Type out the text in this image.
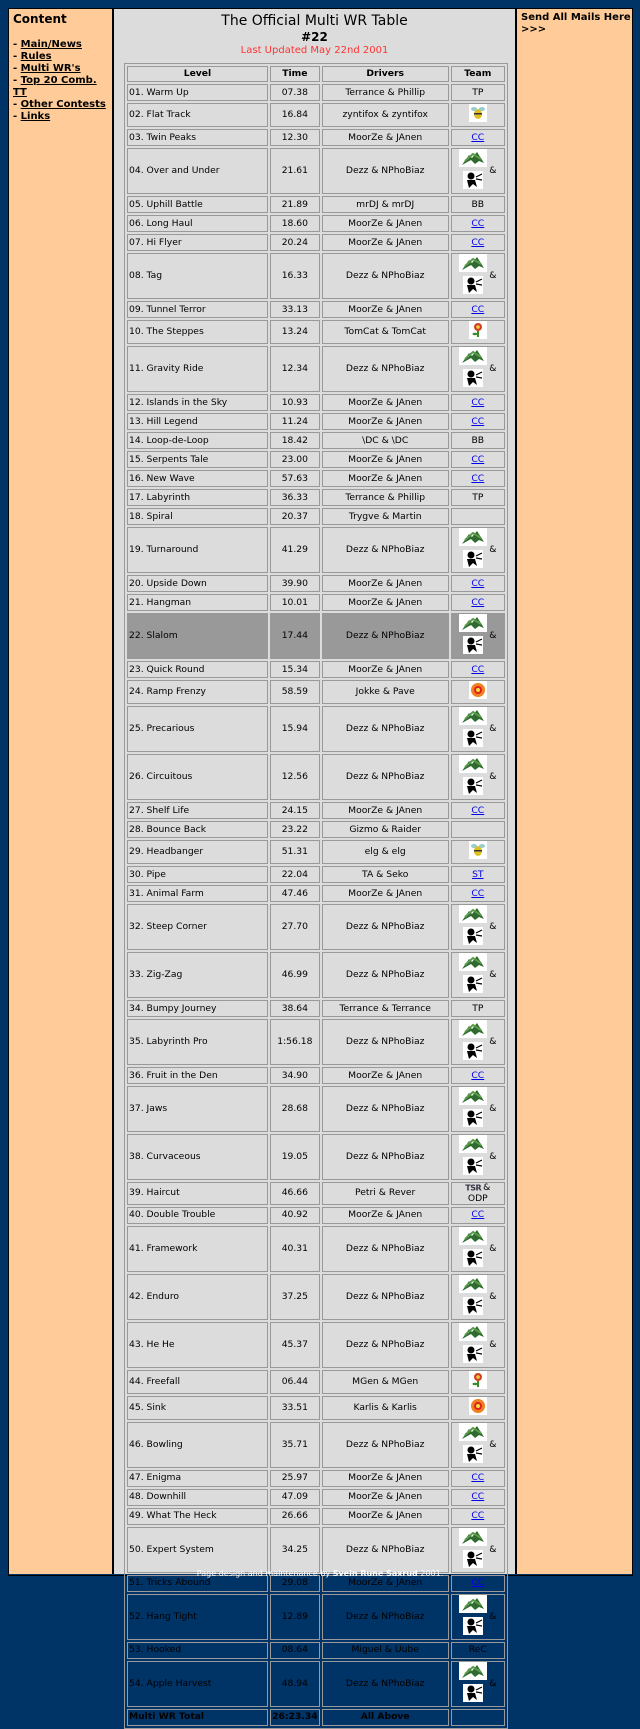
Content
- Main/News
- Rules
- Multi WR's
- Top 20 Comb. TT
- Other Contests
- Links
The Official Multi WR Table
#22
Last Updated May 22nd 2001
Level	Time	Drivers	Team
01. Warm Up	07.38	Terrance & Phillip	TP
02. Flat Track	16.84	zyntifox & zyntifox	
03. Twin Peaks	12.30	MoorZe & JAnen	CC
04. Over and Under	21.61	Dezz & NPhoBiaz	&
05. Uphill Battle	21.89	mrDJ & mrDJ	BB
06. Long Haul	18.60	MoorZe & JAnen	CC
07. Hi Flyer	20.24	MoorZe & JAnen	CC
08. Tag	16.33	Dezz & NPhoBiaz	&
09. Tunnel Terror	33.13	MoorZe & JAnen	CC
10. The Steppes	13.24	TomCat & TomCat	
11. Gravity Ride	12.34	Dezz & NPhoBiaz	&
12. Islands in the Sky	10.93	MoorZe & JAnen	CC
13. Hill Legend	11.24	MoorZe & JAnen	CC
14. Loop-de-Loop	18.42	\DC & \DC	BB
15. Serpents Tale	23.00	MoorZe & JAnen	CC
16. New Wave	57.63	MoorZe & JAnen	CC
17. Labyrinth	36.33	Terrance & Phillip	TP
18. Spiral	20.37	Trygve & Martin	
19. Turnaround	41.29	Dezz & NPhoBiaz	&
20. Upside Down	39.90	MoorZe & JAnen	CC
21. Hangman	10.01	MoorZe & JAnen	CC
22. Slalom	17.44	Dezz & NPhoBiaz	&
23. Quick Round	15.34	MoorZe & JAnen	CC
24. Ramp Frenzy	58.59	Jokke & Pave	
25. Precarious	15.94	Dezz & NPhoBiaz	&
26. Circuitous	12.56	Dezz & NPhoBiaz	&
27. Shelf Life	24.15	MoorZe & JAnen	CC
28. Bounce Back	23.22	Gizmo & Raider	
29. Headbanger	51.31	elg & elg	
30. Pipe	22.04	TA & Seko	ST
31. Animal Farm	47.46	MoorZe & JAnen	CC
32. Steep Corner	27.70	Dezz & NPhoBiaz	&
33. Zig-Zag	46.99	Dezz & NPhoBiaz	&
34. Bumpy Journey	38.64	Terrance & Terrance	TP
35. Labyrinth Pro	1:56.18	Dezz & NPhoBiaz	&
36. Fruit in the Den	34.90	MoorZe & JAnen	CC
37. Jaws	28.68	Dezz & NPhoBiaz	&
38. Curvaceous	19.05	Dezz & NPhoBiaz	&
39. Haircut	46.66	Petri & Rever	TSR &
ODP

40. Double Trouble	40.92	MoorZe & JAnen	CC
41. Framework	40.31	Dezz & NPhoBiaz	&
42. Enduro	37.25	Dezz & NPhoBiaz	&
43. He He	45.37	Dezz & NPhoBiaz	&
44. Freefall	06.44	MGen & MGen	
45. Sink	33.51	Karlis & Karlis	
46. Bowling	35.71	Dezz & NPhoBiaz	&
47. Enigma	25.97	MoorZe & JAnen	CC
48. Downhill	47.09	MoorZe & JAnen	CC
49. What The Heck	26.66	MoorZe & JAnen	CC
50. Expert System	34.25	Dezz & NPhoBiaz	&
51. Tricks Abound	29.08	MoorZe & JAnen	CC
52. Hang Tight	12.89	Dezz & NPhoBiaz	&
53. Hooked	08.64	Miguel & Uube	ReC
54. Apple Harvest	48.94	Dezz & NPhoBiaz	&
Multi WR Total	26:23.34	All Above	
Send All Mails Here >>>
Page design and maintenance by Svein Rune Saxrud 2001.
